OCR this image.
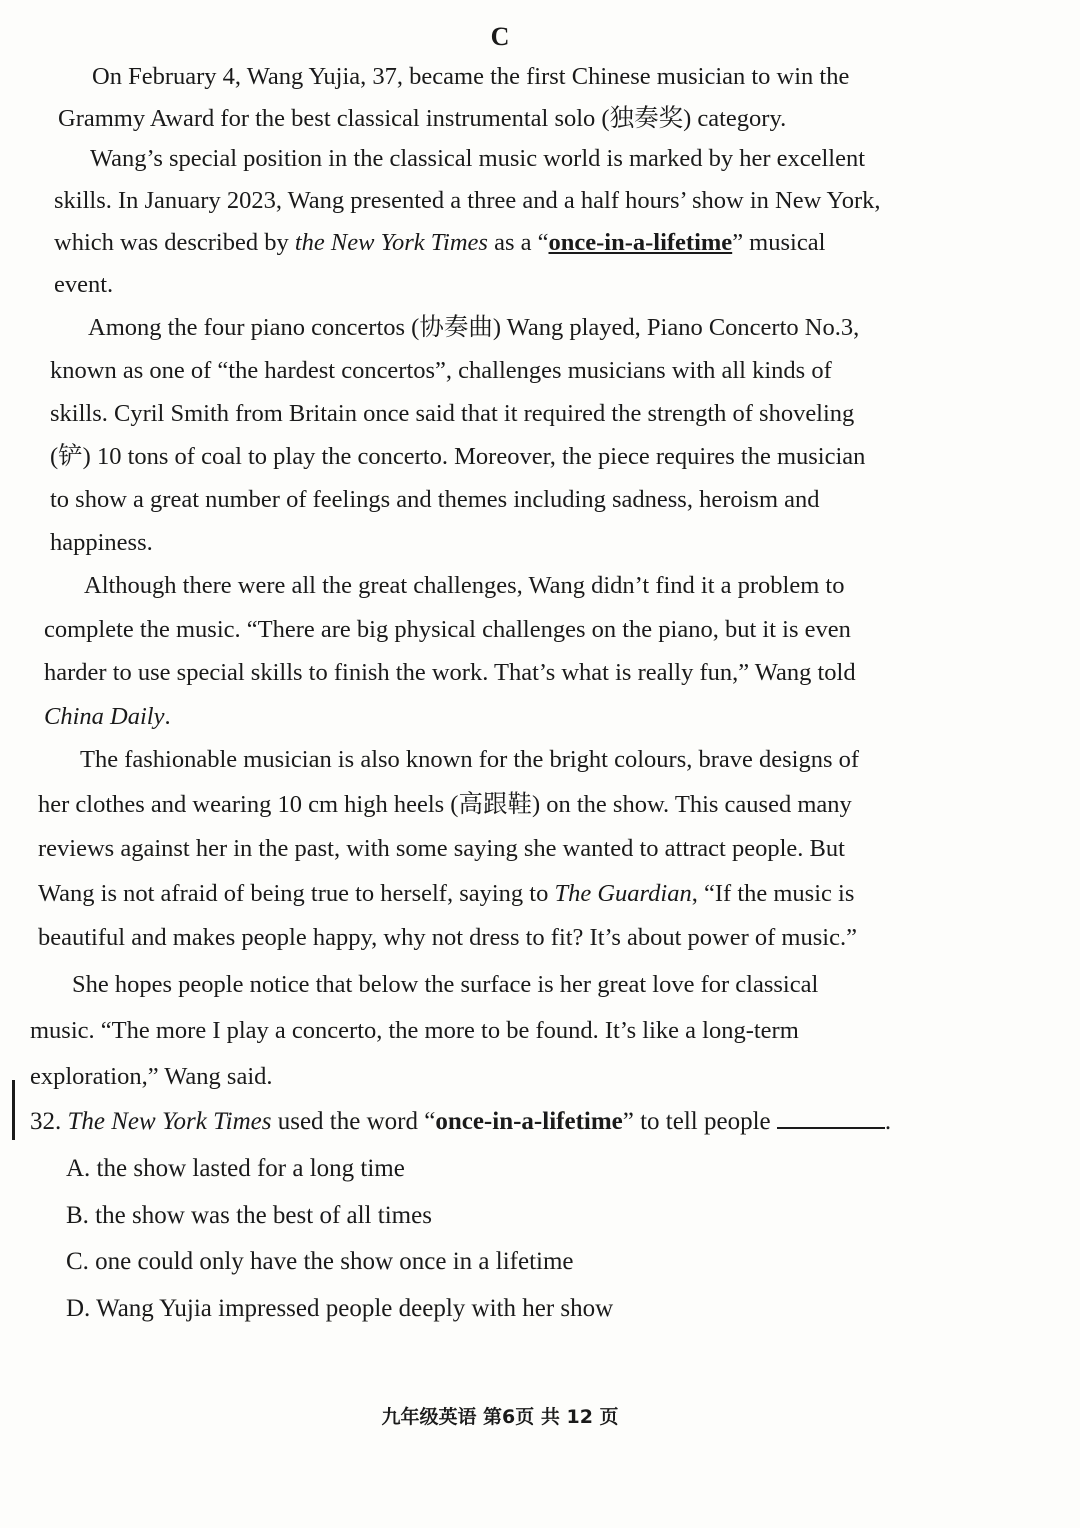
C
On February 4, Wang Yujia, 37, became the first Chinese musician to win the
Grammy Award for the best classical instrumental solo (独奏奖) category.
Wang’s special position in the classical music world is marked by her excellent
skills. In January 2023, Wang presented a three and a half hours’ show in New York,
which was described by the New York Times as a “once-in-a-lifetime” musical
event.
Among the four piano concertos (协奏曲) Wang played, Piano Concerto No.3,
known as one of “the hardest concertos”, challenges musicians with all kinds of
skills. Cyril Smith from Britain once said that it required the strength of shoveling
(铲) 10 tons of coal to play the concerto. Moreover, the piece requires the musician
to show a great number of feelings and themes including sadness, heroism and
happiness.
Although there were all the great challenges, Wang didn’t find it a problem to
complete the music. “There are big physical challenges on the piano, but it is even
harder to use special skills to finish the work. That’s what is really fun,” Wang told
China Daily.
The fashionable musician is also known for the bright colours, brave designs of
her clothes and wearing 10 cm high heels (高跟鞋) on the show. This caused many
reviews against her in the past, with some saying she wanted to attract people. But
Wang is not afraid of being true to herself, saying to The Guardian, “If the music is
beautiful and makes people happy, why not dress to fit? It’s about power of music.”
She hopes people notice that below the surface is her great love for classical
music. “The more I play a concerto, the more to be found. It’s like a long-term
exploration,” Wang said.
32. The New York Times used the word “once-in-a-lifetime” to tell people	.
A. the show lasted for a long time
B. the show was the best of all times
C. one could only have the show once in a lifetime
D. Wang Yujia impressed people deeply with her show
九年级英语 第6页 共 12 页
